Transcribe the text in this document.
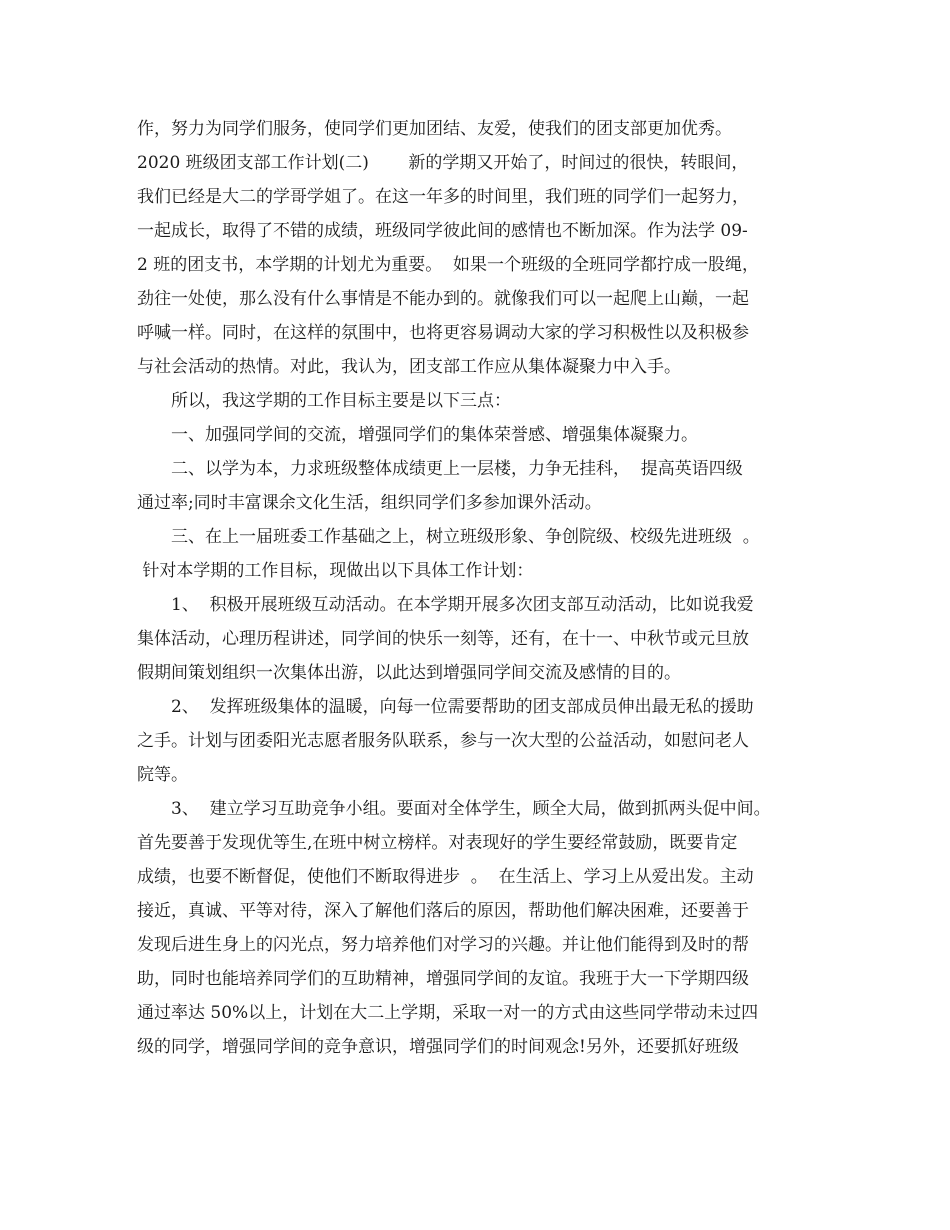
作，努力为同学们服务，使同学们更加团结、友爱，使我们的团支部更加优秀。

2020 班级团支部工作计划(二)　　 新的学期又开始了，时间过的很快，转眼间，

我们已经是大二的学哥学姐了。在这一年多的时间里，我们班的同学们一起努力，

一起成长，取得了不错的成绩，班级同学彼此间的感情也不断加深。作为法学 09-

2 班的团支书，本学期的计划尤为重要。  如果一个班级的全班同学都拧成一股绳，

劲往一处使，那么没有什么事情是不能办到的。就像我们可以一起爬上山巅，一起

呼喊一样。同时，在这样的氛围中，也将更容易调动大家的学习积极性以及积极参

与社会活动的热情。对此，我认为，团支部工作应从集体凝聚力中入手。

　　所以，我这学期的工作目标主要是以下三点：

　　一、加强同学间的交流，增强同学们的集体荣誉感、增强集体凝聚力。

　　二、以学为本，力求班级整体成绩更上一层楼，力争无挂科，  提高英语四级

通过率;同时丰富课余文化生活，组织同学们多参加课外活动。

　　三、在上一届班委工作基础之上，树立班级形象、争创院级、校级先进班级  。

针对本学期的工作目标，现做出以下具体工作计划：

　　1、  积极开展班级互动活动。在本学期开展多次团支部互动活动，比如说我爱

集体活动，心理历程讲述，同学间的快乐一刻等，还有，在十一、中秋节或元旦放

假期间策划组织一次集体出游，以此达到增强同学间交流及感情的目的。

　　2、  发挥班级集体的温暖，向每一位需要帮助的团支部成员伸出最无私的援助

之手。计划与团委阳光志愿者服务队联系，参与一次大型的公益活动，如慰问老人

院等。

　　3、  建立学习互助竞争小组。要面对全体学生，顾全大局，做到抓两头促中间。

首先要善于发现优等生,在班中树立榜样。对表现好的学生要经常鼓励，既要肯定

成绩，也要不断督促，使他们不断取得进步  。  在生活上、学习上从爱出发。主动

接近，真诚、平等对待，深入了解他们落后的原因，帮助他们解决困难，还要善于

发现后进生身上的闪光点，努力培养他们对学习的兴趣。并让他们能得到及时的帮

助，同时也能培养同学们的互助精神，增强同学间的友谊。我班于大一下学期四级

通过率达 50%以上，计划在大二上学期，采取一对一的方式由这些同学带动未过四

级的同学，增强同学间的竞争意识，增强同学们的时间观念!另外，还要抓好班级
